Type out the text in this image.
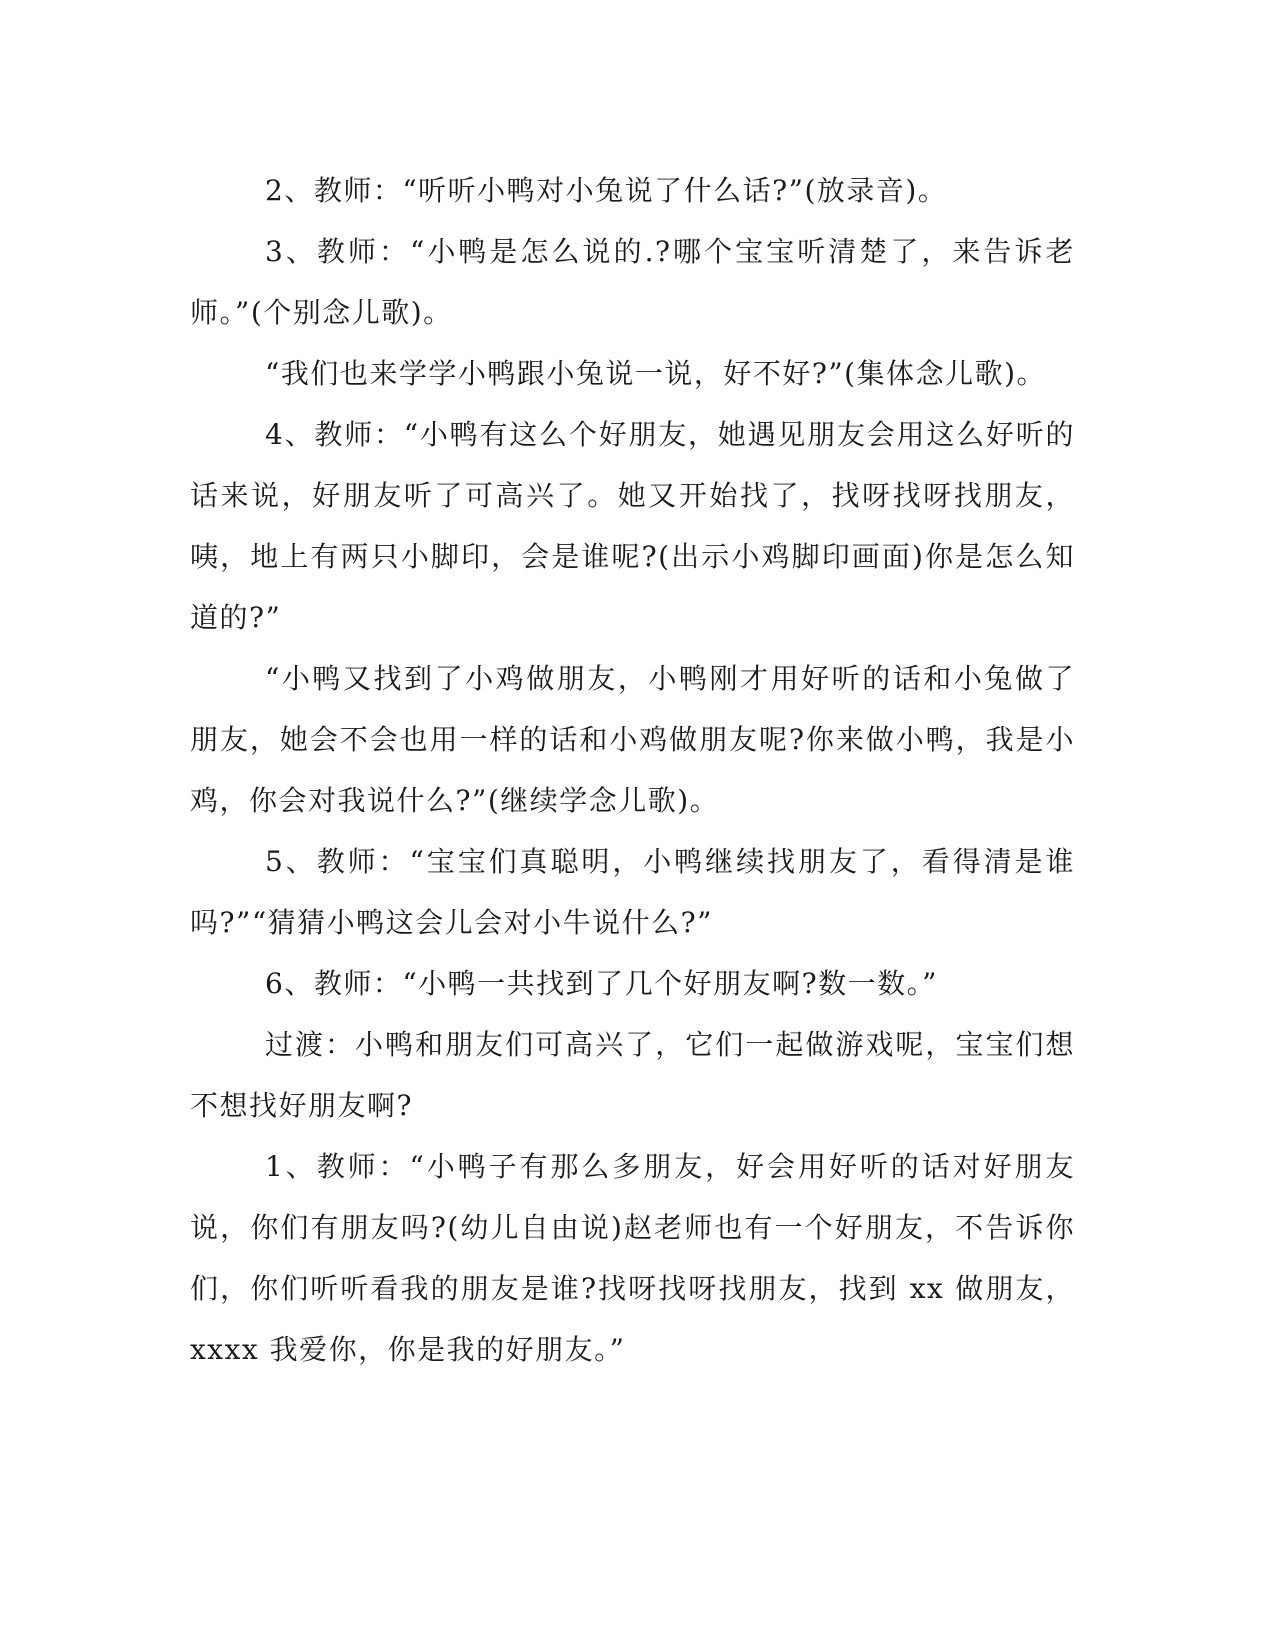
2、教师：“听听小鸭对小兔说了什么话?”(放录音)。

3、教师：“小鸭是怎么说的.?哪个宝宝听清楚了，来告诉老师。”(个别念儿歌)。

“我们也来学学小鸭跟小兔说一说，好不好?”(集体念儿歌)。

4、教师：“小鸭有这么个好朋友，她遇见朋友会用这么好听的话来说，好朋友听了可高兴了。她又开始找了，找呀找呀找朋友，咦，地上有两只小脚印，会是谁呢?(出示小鸡脚印画面)你是怎么知道的?”

“小鸭又找到了小鸡做朋友，小鸭刚才用好听的话和小兔做了朋友，她会不会也用一样的话和小鸡做朋友呢?你来做小鸭，我是小鸡，你会对我说什么?”(继续学念儿歌)。

5、教师：“宝宝们真聪明，小鸭继续找朋友了，看得清是谁吗?”“猜猜小鸭这会儿会对小牛说什么?”

6、教师：“小鸭一共找到了几个好朋友啊?数一数。”

过渡：小鸭和朋友们可高兴了，它们一起做游戏呢，宝宝们想不想找好朋友啊?

1、教师：“小鸭子有那么多朋友，好会用好听的话对好朋友说，你们有朋友吗?(幼儿自由说)赵老师也有一个好朋友，不告诉你们，你们听听看我的朋友是谁?找呀找呀找朋友，找到 xx 做朋友，xxxx 我爱你，你是我的好朋友。”
